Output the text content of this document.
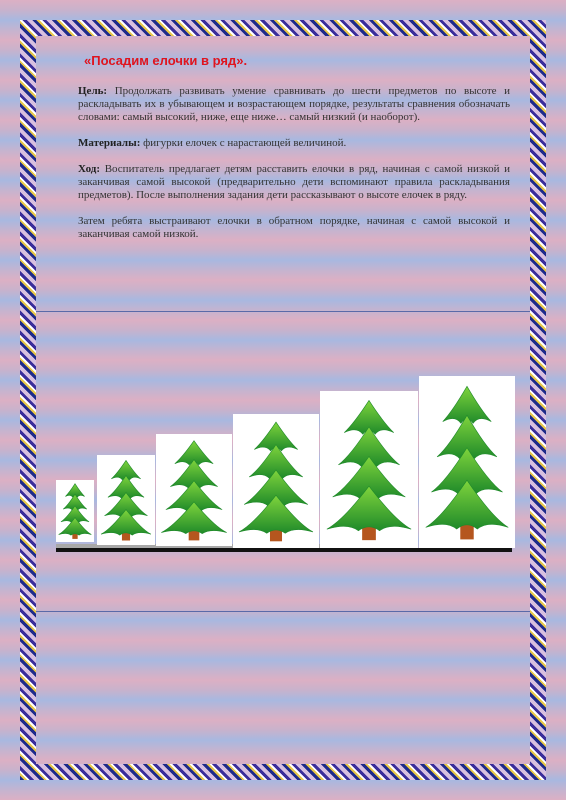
«Посадим елочки в ряд».

Цель: Продолжать развивать умение сравнивать до шести предметов по высоте и раскладывать их в убывающем и возрастающем порядке, результаты сравнения обозначать словами: самый высокий, ниже, еще ниже… самый низкий (и наоборот).

Материалы: фигурки елочек с нарастающей величиной.

Ход: Воспитатель предлагает детям расставить елочки в ряд, начиная с самой низкой и заканчивая самой высокой (предварительно дети вспоминают правила раскладывания предметов). После выполнения задания дети рассказывают о высоте елочек в ряду.

Затем ребята выстраивают елочки в обратном порядке, начиная с самой высокой и заканчивая самой низкой.
